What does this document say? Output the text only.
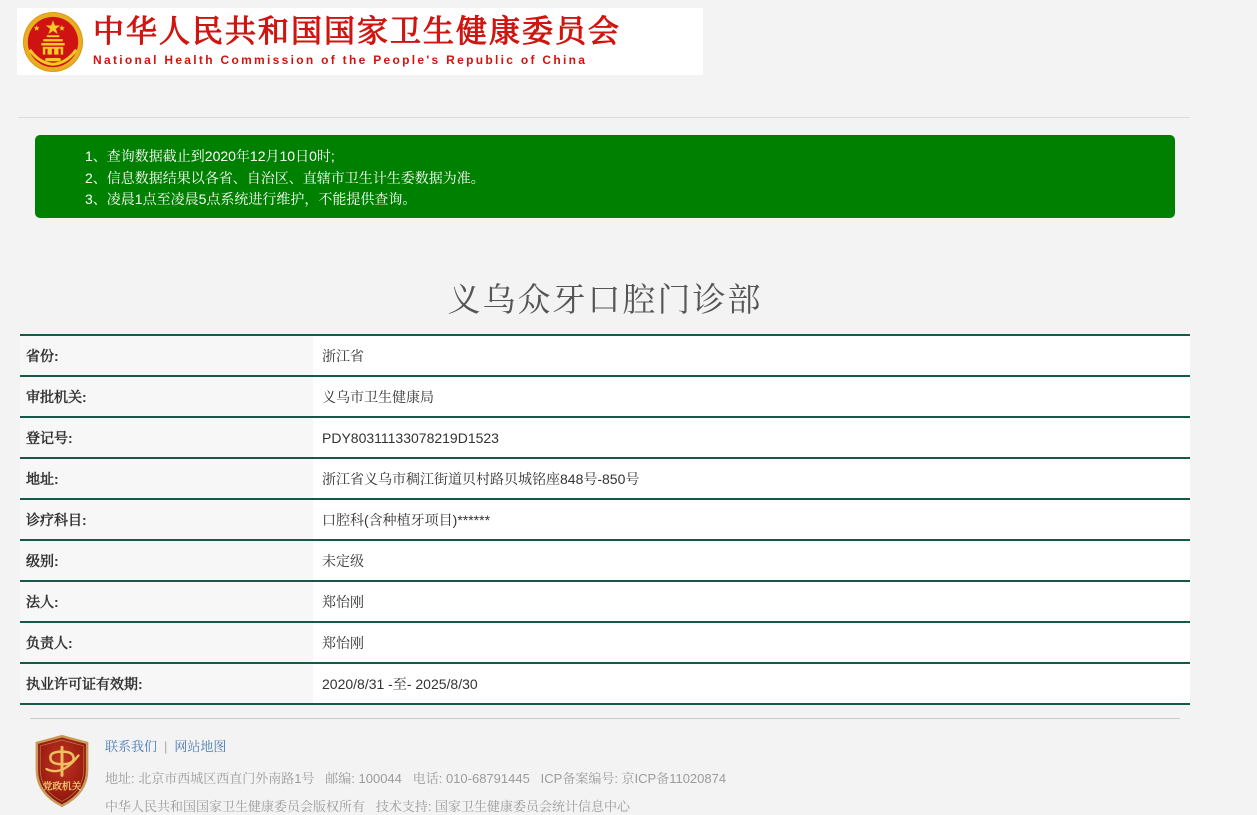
中华人民共和国国家卫生健康委员会
National Health Commission of the People's Republic of China
1、查询数据截止到2020年12月10日0时;
2、信息数据结果以各省、自治区、直辖市卫生计生委数据为准。
3、凌晨1点至凌晨5点系统进行维护，不能提供查询。
义乌众牙口腔门诊部
省份:	浙江省
审批机关:	义乌市卫生健康局
登记号:	PDY80311133078219D1523
地址:	浙江省义乌市稠江街道贝村路贝城铭座848号-850号
诊疗科目:	口腔科(含种植牙项目)******
级别:	未定级
法人:	郑怡刚
负责人:	郑怡刚
执业许可证有效期:	2020/8/31 -至- 2025/8/30
党政机关
联系我们 | 网站地图
地址: 北京市西城区西直门外南路1号   邮编: 100044   电话: 010-68791445   ICP备案编号: 京ICP备11020874
中华人民共和国国家卫生健康委员会版权所有   技术支持: 国家卫生健康委员会统计信息中心
